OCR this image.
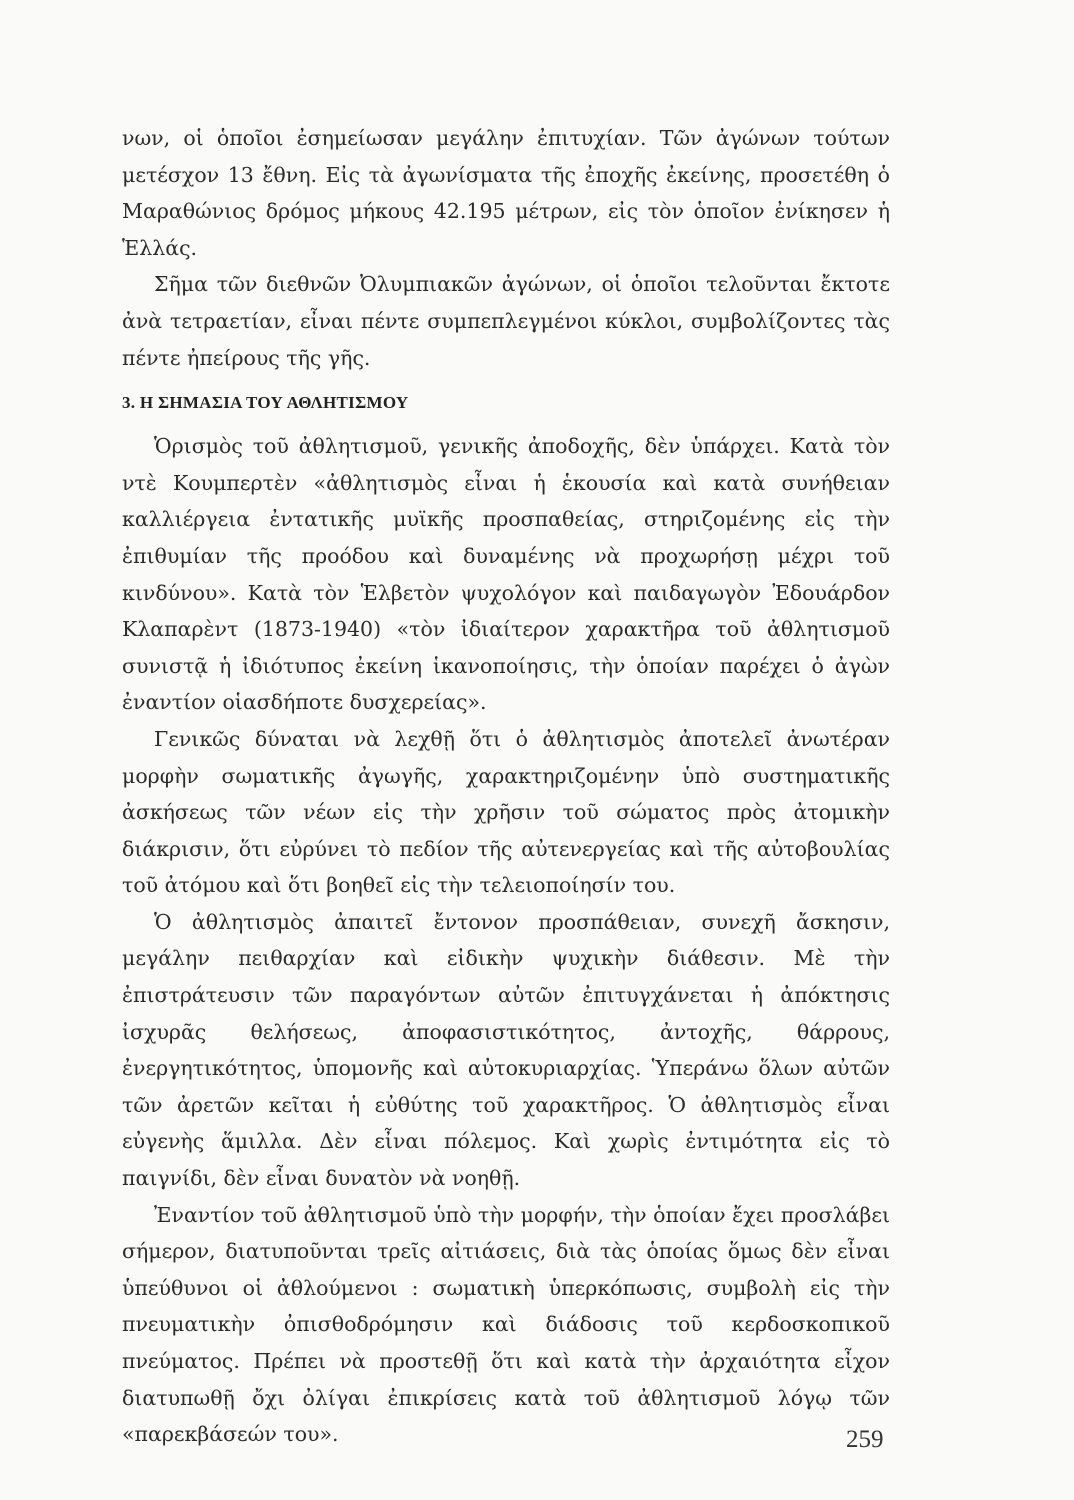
νων, οἱ ὁποῖοι ἐσημείωσαν μεγάλην ἐπιτυχίαν. Τῶν ἀγώνων τούτων μετέσχον 13 ἔθνη. Εἰς τὰ ἀγωνίσματα τῆς ἐποχῆς ἐκείνης, προσετέθη ὁ Μαραθώνιος δρόμος μήκους 42.195 μέτρων, εἰς τὸν ὁποῖον ἐνίκησεν ἡ Ἑλλάς.

Σῆμα τῶν διεθνῶν Ὀλυμπιακῶν ἀγώνων, οἱ ὁποῖοι τελοῦνται ἔκτοτε ἀνὰ τετραετίαν, εἶναι πέντε συμπεπλεγμένοι κύκλοι, συμβολίζοντες τὰς πέντε ἠπείρους τῆς γῆς.

3. Η ΣΗΜΑΣΙΑ ΤΟΥ ΑΘΛΗΤΙΣΜΟΥ

Ὁρισμὸς τοῦ ἀθλητισμοῦ, γενικῆς ἀποδοχῆς, δὲν ὑπάρχει. Κατὰ τὸν ντὲ Κουμπερτὲν «ἀθλητισμὸς εἶναι ἡ ἑκουσία καὶ κατὰ συνήθειαν καλλιέργεια ἐντατικῆς μυϊκῆς προσπαθείας, στηριζομένης εἰς τὴν ἐπιθυμίαν τῆς προόδου καὶ δυναμένης νὰ προχωρήσῃ μέχρι τοῦ κινδύνου». Κατὰ τὸν Ἑλβετὸν ψυχολόγον καὶ παιδαγωγὸν Ἐδουάρδον Κλαπαρὲντ (1873-1940) «τὸν ἰδιαίτερον χαρακτῆρα τοῦ ἀθλητισμοῦ συνιστᾷ ἡ ἰδιότυπος ἐκείνη ἱκανοποίησις, τὴν ὁποίαν παρέχει ὁ ἀγὼν ἐναντίον οἱασδήποτε δυσχερείας».

Γενικῶς δύναται νὰ λεχθῇ ὅτι ὁ ἀθλητισμὸς ἀποτελεῖ ἀνωτέραν μορφὴν σωματικῆς ἀγωγῆς, χαρακτηριζομένην ὑπὸ συστηματικῆς ἀσκήσεως τῶν νέων εἰς τὴν χρῆσιν τοῦ σώματος πρὸς ἀτομικὴν διάκρισιν, ὅτι εὐρύνει τὸ πεδίον τῆς αὐτενεργείας καὶ τῆς αὐτοβουλίας τοῦ ἀτόμου καὶ ὅτι βοηθεῖ εἰς τὴν τελειοποίησίν του.

Ὁ ἀθλητισμὸς ἀπαιτεῖ ἔντονον προσπάθειαν, συνεχῆ ἄσκησιν, μεγάλην πειθαρχίαν καὶ εἰδικὴν ψυχικὴν διάθεσιν. Μὲ τὴν ἐπιστράτευσιν τῶν παραγόντων αὐτῶν ἐπιτυγχάνεται ἡ ἀπόκτησις ἰσχυρᾶς θελήσεως, ἀποφασιστικότητος, ἀντοχῆς, θάρρους, ἐνεργητικότητος, ὑπομονῆς καὶ αὐτοκυριαρχίας. Ὑπεράνω ὅλων αὐτῶν τῶν ἀρετῶν κεῖται ἡ εὐθύτης τοῦ χαρακτῆρος. Ὁ ἀθλητισμὸς εἶναι εὐγενὴς ἅμιλλα. Δὲν εἶναι πόλεμος. Καὶ χωρὶς ἐντιμότητα εἰς τὸ παιγνίδι, δὲν εἶναι δυνατὸν νὰ νοηθῇ.

Ἐναντίον τοῦ ἀθλητισμοῦ ὑπὸ τὴν μορφήν, τὴν ὁποίαν ἔχει προσλάβει σήμερον, διατυποῦνται τρεῖς αἰτιάσεις, διὰ τὰς ὁποίας ὅμως δὲν εἶναι ὑπεύθυνοι οἱ ἀθλούμενοι : σωματικὴ ὑπερκόπωσις, συμβολὴ εἰς τὴν πνευματικὴν ὀπισθοδρόμησιν καὶ διάδοσις τοῦ κερδοσκοπικοῦ πνεύματος. Πρέπει νὰ προστεθῇ ὅτι καὶ κατὰ τὴν ἀρχαιότητα εἶχον διατυπωθῇ ὄχι ὀλίγαι ἐπικρίσεις κατὰ τοῦ ἀθλητισμοῦ λόγῳ τῶν «παρεκβάσεών του».	259
